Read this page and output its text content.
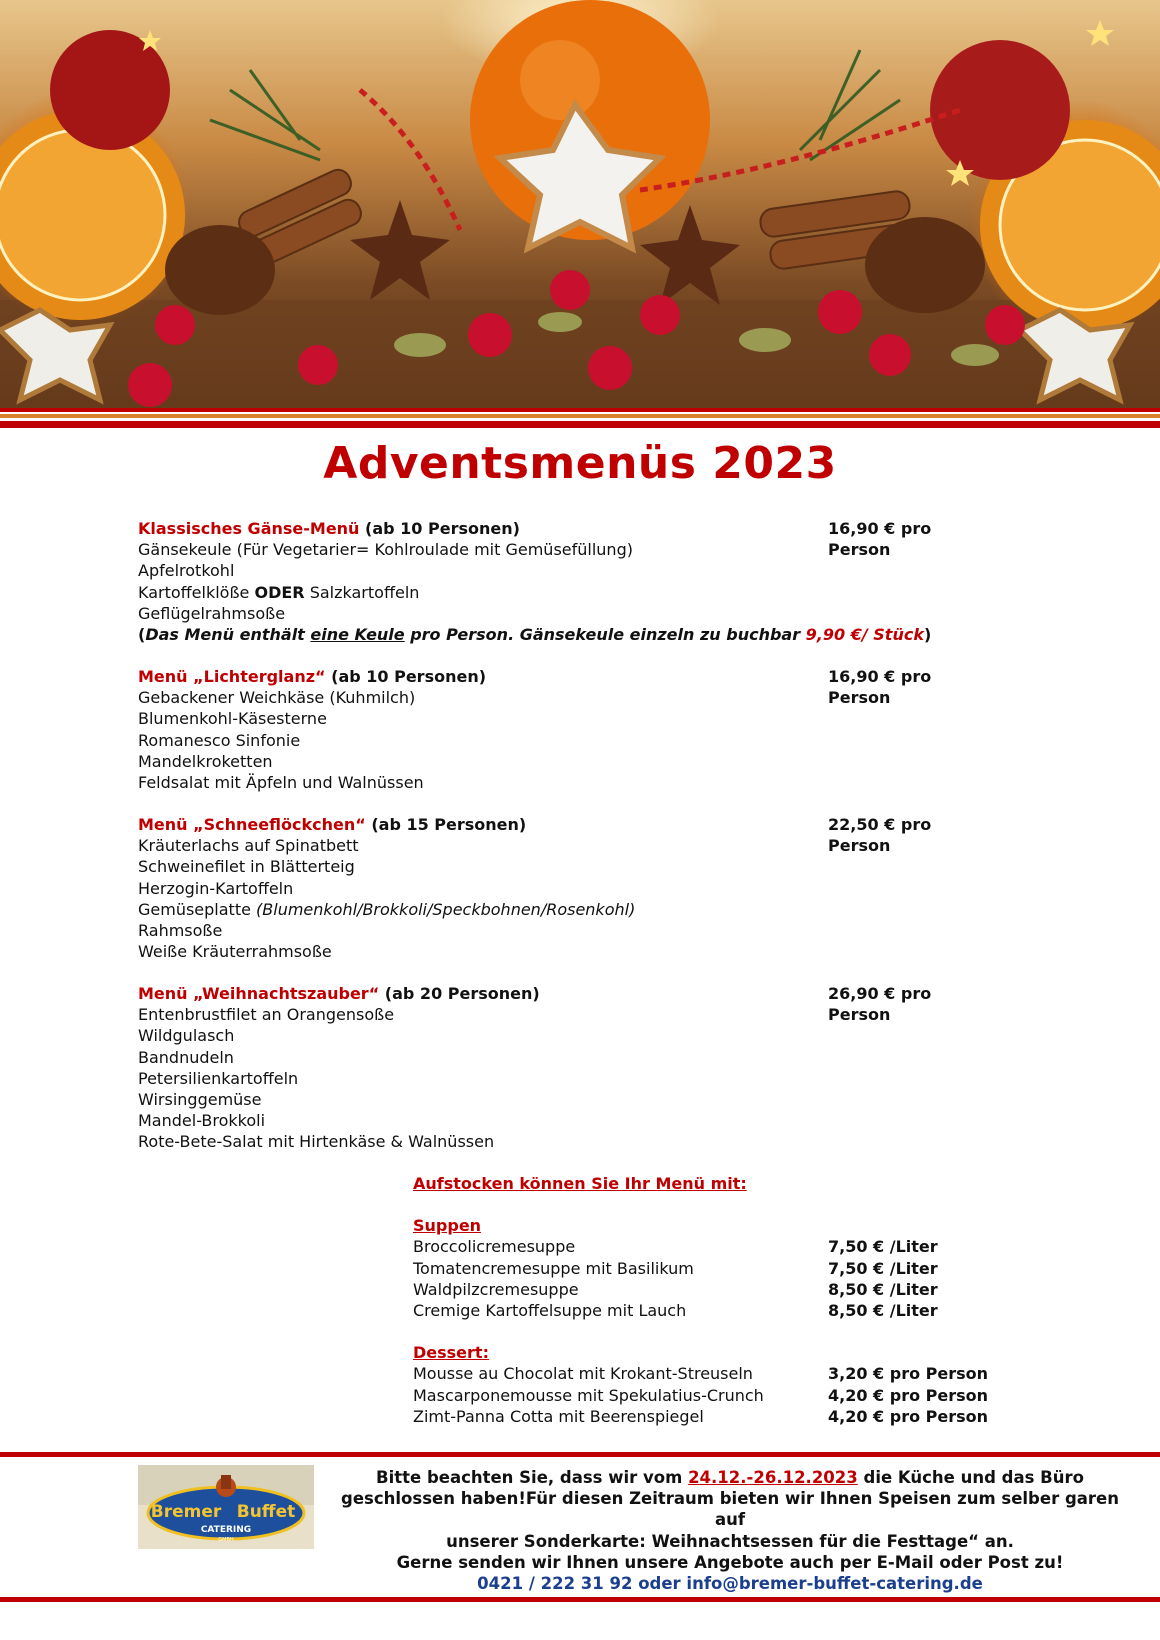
Adventsmenüs 2023
Klassisches Gänse-Menü (ab 10 Personen)	16,90 € pro Person
Gänsekeule (Für Vegetarier= Kohlroulade mit Gemüsefüllung)
Apfelrotkohl
Kartoffelklöße ODER Salzkartoffeln
Geflügelrahmsoße
(Das Menü enthält eine Keule pro Person. Gänsekeule einzeln zu buchbar 9,90 €/ Stück)
Menü „Lichterglanz“ (ab 10 Personen)	16,90 € pro Person
Gebackener Weichkäse (Kuhmilch)
Blumenkohl-Käsesterne
Romanesco Sinfonie
Mandelkroketten
Feldsalat mit Äpfeln und Walnüssen
Menü „Schneeflöckchen“ (ab 15 Personen)	22,50 € pro Person
Kräuterlachs auf Spinatbett
Schweinefilet in Blätterteig
Herzogin-Kartoffeln
Gemüseplatte (Blumenkohl/Brokkoli/Speckbohnen/Rosenkohl)
Rahmsoße
Weiße Kräuterrahmsoße
Menü „Weihnachtszauber“ (ab 20 Personen)	26,90 € pro Person
Entenbrustfilet an Orangensoße
Wildgulasch
Bandnudeln
Petersilienkartoffeln
Wirsinggemüse
Mandel-Brokkoli
Rote-Bete-Salat mit Hirtenkäse & Walnüssen
Aufstocken können Sie Ihr Menü mit:
Suppen
Broccolicremesuppe	7,50 € /Liter
Tomatencremesuppe mit Basilikum	7,50 € /Liter
Waldpilzcremesuppe	8,50 € /Liter
Cremige Kartoffelsuppe mit Lauch	8,50 € /Liter
Dessert:
Mousse au Chocolat mit Krokant-Streuseln	3,20 € pro Person
Mascarponemousse mit Spekulatius-Crunch	4,20 € pro Person
Zimt-Panna Cotta mit Beerenspiegel	4,20 € pro Person
Bremer Buffet
CATERING
GMBH
Bitte beachten Sie, dass wir vom 24.12.-26.12.2023 die Küche und das Büro
geschlossen haben!Für diesen Zeitraum bieten wir Ihnen Speisen zum selber garen auf
unserer Sonderkarte: Weihnachtsessen für die Festtage“ an.
Gerne senden wir Ihnen unsere Angebote auch per E-Mail oder Post zu!
0421 / 222 31 92 oder info@bremer-buffet-catering.de
